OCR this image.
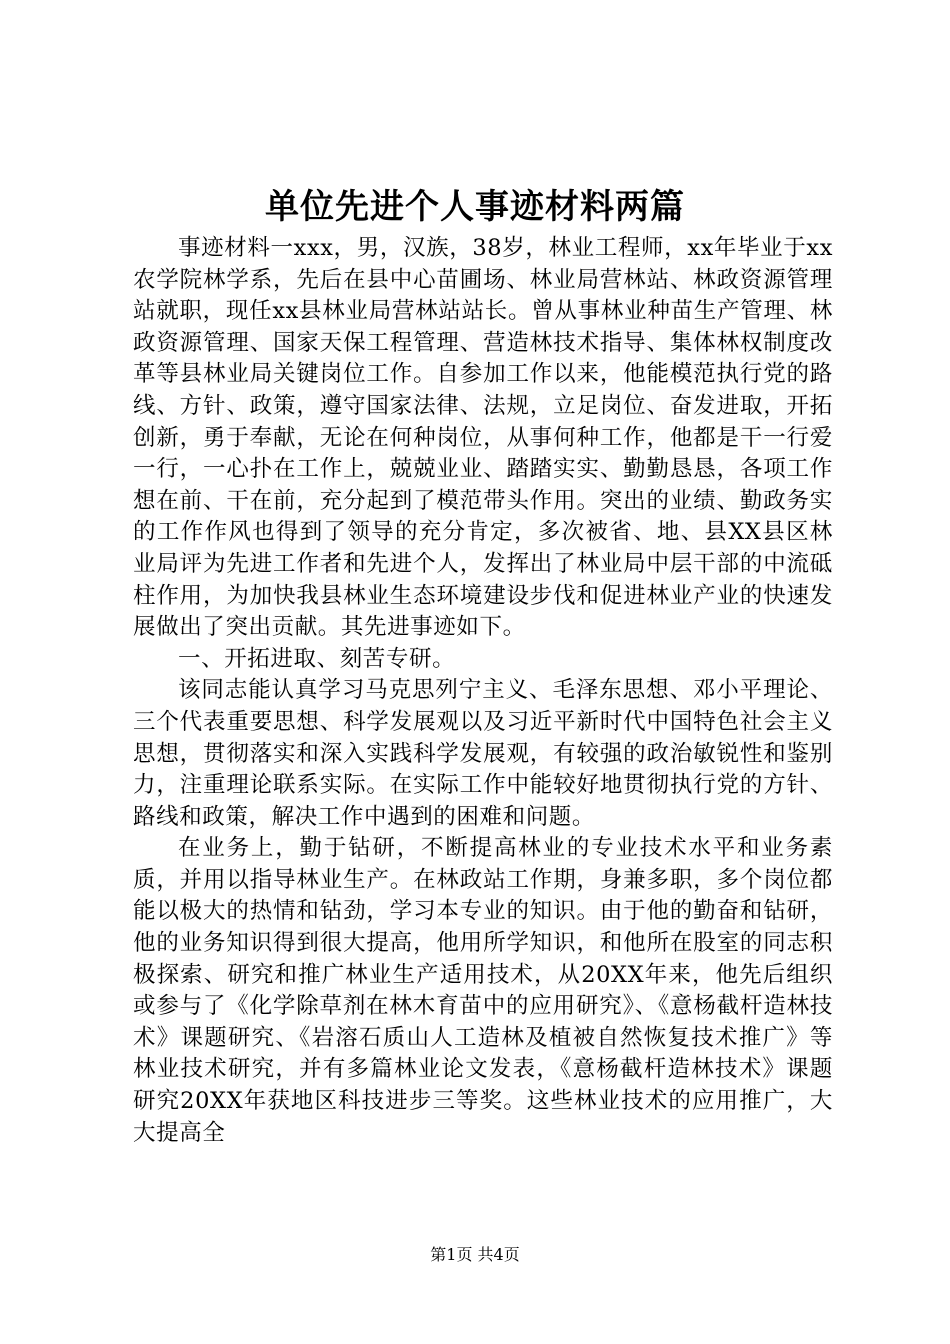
单位先进个人事迹材料两篇

事迹材料一xxx，男，汉族，38岁，林业工程师，xx年毕业于xx农学院林学系，先后在县中心苗圃场、林业局营林站、林政资源管理站就职，现任xx县林业局营林站站长。曾从事林业种苗生产管理、林政资源管理、国家天保工程管理、营造林技术指导、集体林权制度改革等县林业局关键岗位工作。自参加工作以来，他能模范执行党的路线、方针、政策，遵守国家法律、法规，立足岗位、奋发进取，开拓创新，勇于奉献，无论在何种岗位，从事何种工作，他都是干一行爱一行，一心扑在工作上，兢兢业业、踏踏实实、勤勤恳恳，各项工作想在前、干在前，充分起到了模范带头作用。突出的业绩、勤政务实的工作作风也得到了领导的充分肯定，多次被省、地、县XX县区林业局评为先进工作者和先进个人，发挥出了林业局中层干部的中流砥柱作用，为加快我县林业生态环境建设步伐和促进林业产业的快速发展做出了突出贡献。其先进事迹如下。

一、开拓进取、刻苦专研。

该同志能认真学习马克思列宁主义、毛泽东思想、邓小平理论、三个代表重要思想、科学发展观以及习近平新时代中国特色社会主义思想，贯彻落实和深入实践科学发展观，有较强的政治敏锐性和鉴别力，注重理论联系实际。在实际工作中能较好地贯彻执行党的方针、路线和政策，解决工作中遇到的困难和问题。

在业务上，勤于钻研，不断提高林业的专业技术水平和业务素质，并用以指导林业生产。在林政站工作期，身兼多职，多个岗位都能以极大的热情和钻劲，学习本专业的知识。由于他的勤奋和钻研，他的业务知识得到很大提高，他用所学知识，和他所在股室的同志积极探索、研究和推广林业生产适用技术，从20XX年来，他先后组织或参与了《化学除草剂在林木育苗中的应用研究》、《意杨截杆造林技术》课题研究、《岩溶石质山人工造林及植被自然恢复技术推广》等林业技术研究，并有多篇林业论文发表，《意杨截杆造林技术》课题研究20XX年获地区科技进步三等奖。这些林业技术的应用推广，大大提高全

第1页 共4页
